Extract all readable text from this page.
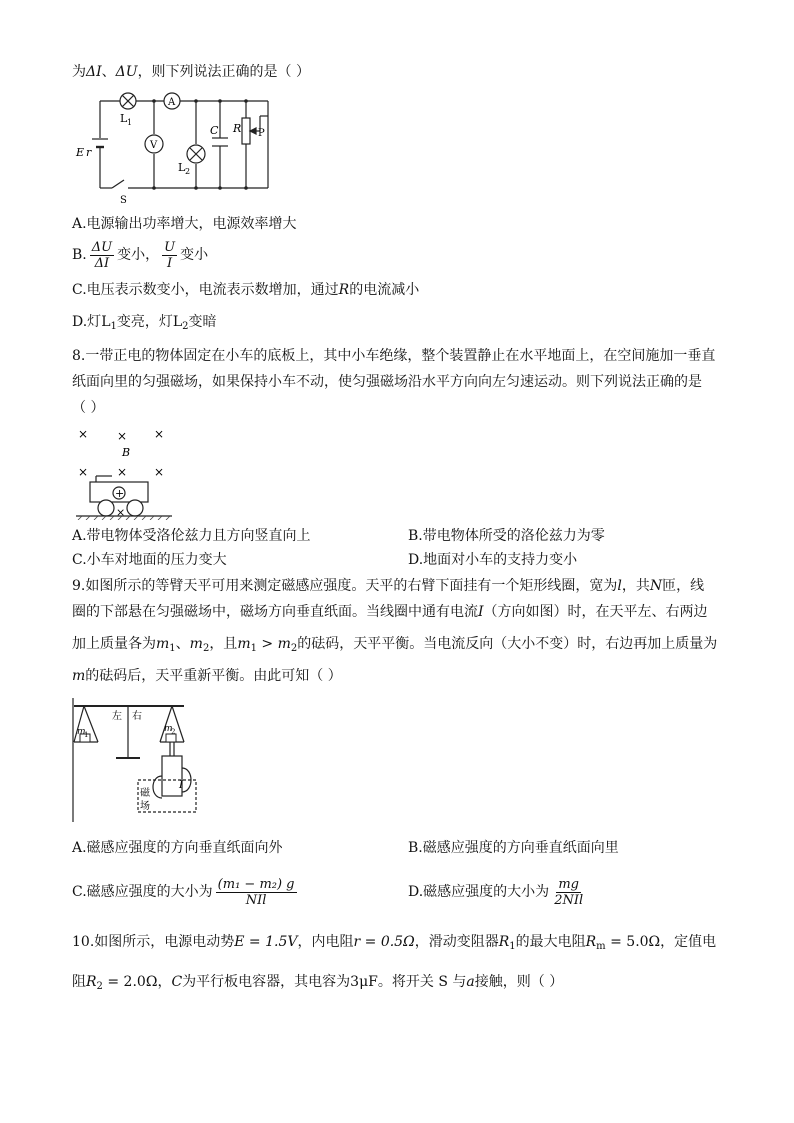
为ΔI、ΔU，则下列说法正确的是（ ）
A
V
L 1
L 2
C R P
E r
S
A.电源输出功率增大，电源效率增大
B. $\frac{\Delta U}{\Delta I}$ 变小， $\frac{U}{I}$ 变小
C.电压表示数变小，电流表示数增加，通过R的电流减小
D.灯$L_1$变亮，灯$L_2$变暗
8.一带正电的物体固定在小车的底板上，其中小车绝缘，整个装置静止在水平地面上，在空间施加一垂直
纸面向里的匀强磁场，如果保持小车不动，使匀强磁场沿水平方向向左匀速运动。则下列说法正确的是
（ ）
× × ×
B
× × ×
+
×
A.带电物体受洛伦兹力且方向竖直向上	B.带电物体所受的洛伦兹力为零
C.小车对地面的压力变大	D.地面对小车的支持力变小
9.如图所示的等臂天平可用来测定磁感应强度。天平的右臂下面挂有一个矩形线圈，宽为l，共N匝，线
圈的下部悬在匀强磁场中，磁场方向垂直纸面。当线圈中通有电流I（方向如图）时，在天平左、右两边
加上质量各为$m_1$、$m_2$，且$m_1 > m_2$的砝码，天平平衡。当电流反向（大小不变）时，右边再加上质量为
m的砝码后，天平重新平衡。由此可知（ ）
左 右
m
1
m
2
磁
场
I
A.磁感应强度的方向垂直纸面向外	B.磁感应强度的方向垂直纸面向里
C.磁感应强度的大小为 $\frac{\text{(m₁ − m₂) g}}{\text{NIl}}$	D.磁感应强度的大小为 $\frac{mg}{\text{2NIl}}$
10.如图所示，电源电动势E = 1.5V，内电阻r = 0.5Ω，滑动变阻器$R_1$的最大电阻$R_m = 5.0\Omega$，定值电
阻$R_2 = 2.0\Omega$，C为平行板电容器，其电容为3μF。将开关 S 与a接触，则（ ）
